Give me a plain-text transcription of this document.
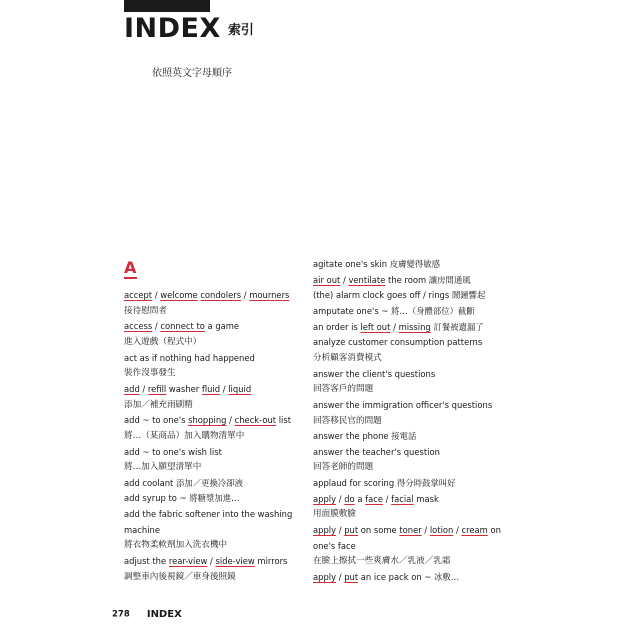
INDEX 索引
依照英文字母順序
A
accept / welcome condolers / mourners
接待慰問者
access / connect to a game
進入遊戲（程式中）
act as if nothing had happened
裝作沒事發生
add / refill washer fluid / liquid
添加／補充雨刷精
add ~ to one's shopping / check-out list
將…（某商品）加入購物清單中
add ~ to one's wish list
將…加入願望清單中
add coolant 添加／更換冷卻液
add syrup to ~ 將糖漿加進…
add the fabric softener into the washing
machine
將衣物柔軟劑加入洗衣機中
adjust the rear-view / side-view mirrors
調整車內後視鏡／車身後照鏡
agitate one's skin 皮膚變得敏感
air out / ventilate the room 讓房間通風
(the) alarm clock goes off / rings 鬧鐘響起
amputate one's ~ 將…（身體部位）截斷
an order is left out / missing 訂餐被遺漏了
analyze customer consumption patterns
分析顧客消費模式
answer the client's questions
回答客戶的問題
answer the immigration officer's questions
回答移民官的問題
answer the phone 接電話
answer the teacher's question
回答老師的問題
applaud for scoring 得分時鼓掌叫好
apply / do a face / facial mask
用面膜敷臉
apply / put on some toner / lotion / cream on
one's face
在臉上擦拭一些爽膚水／乳液／乳霜
apply / put an ice pack on ~ 冰敷…
278 INDEX
